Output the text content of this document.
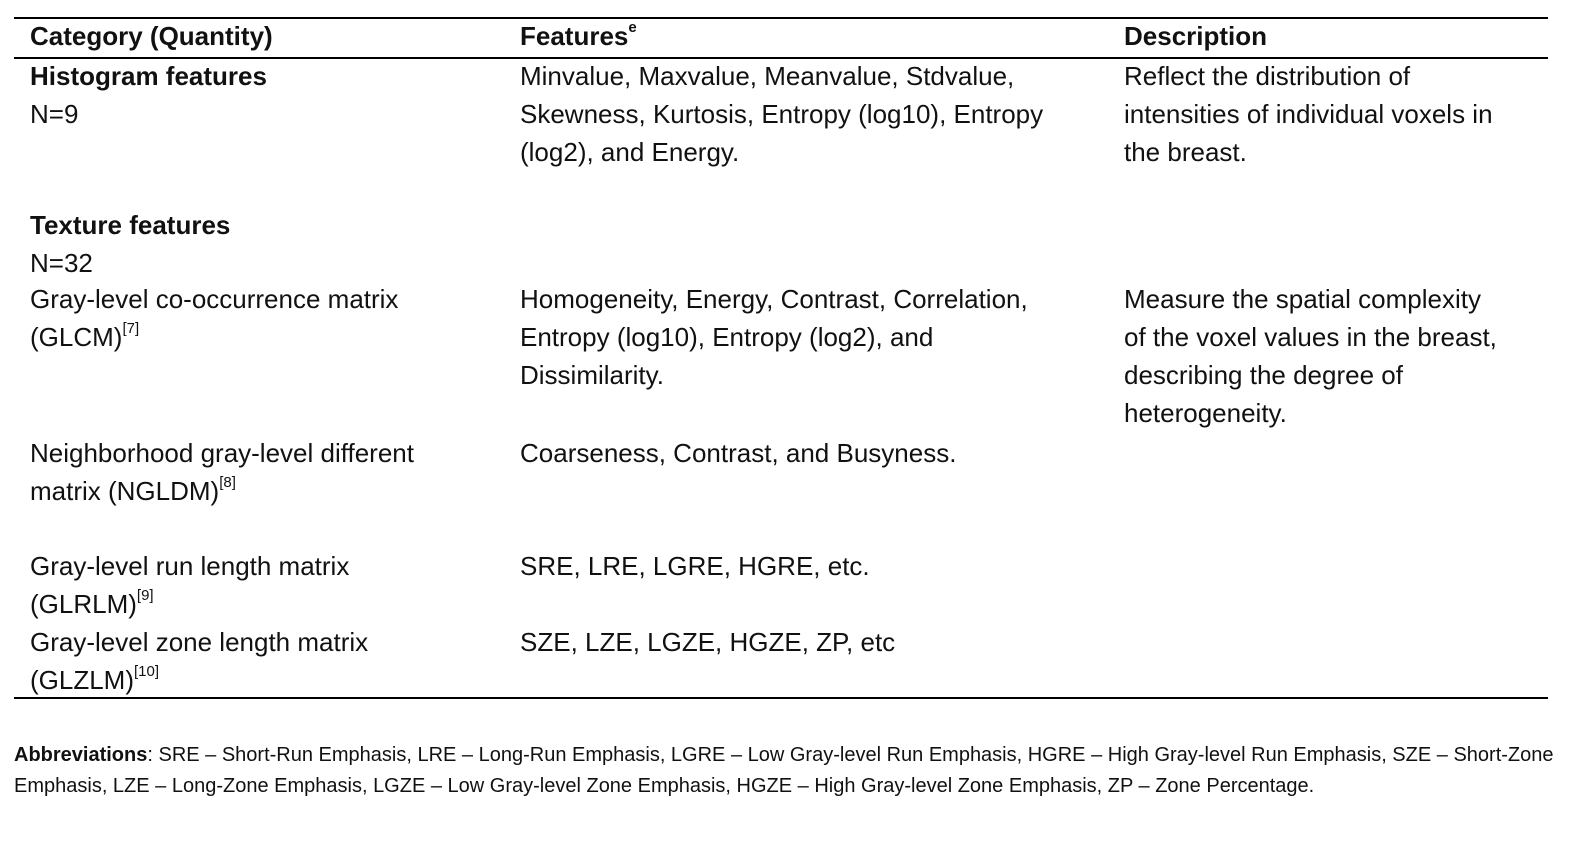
Category (Quantity)	Features$^e$	Description

Histogram features

N=9

Minvalue, Maxvalue, Meanvalue, Stdvalue,

Skewness, Kurtosis, Entropy (log10), Entropy

(log2), and Energy.

Reflect the distribution of

intensities of individual voxels in

the breast.

Texture features

N=32

Gray-level co-occurrence matrix

(GLCM)[7]

Homogeneity, Energy, Contrast, Correlation,

Entropy (log10), Entropy (log2), and

Dissimilarity.

Measure the spatial complexity

of the voxel values in the breast,

describing the degree of

heterogeneity.

Neighborhood gray-level different

matrix (NGLDM)[8]

Coarseness, Contrast, and Busyness.

Gray-level run length matrix

(GLRLM)[9]

SRE, LRE, LGRE, HGRE, etc.

Gray-level zone length matrix

(GLZLM)[10]

SZE, LZE, LGZE, HGZE, ZP, etc

Abbreviations: SRE – Short-Run Emphasis, LRE – Long-Run Emphasis, LGRE – Low Gray-level Run Emphasis, HGRE – High Gray-level Run Emphasis, SZE – Short-Zone Emphasis, LZE – Long-Zone Emphasis, LGZE – Low Gray-level Zone Emphasis, HGZE – High Gray-level Zone Emphasis, ZP – Zone Percentage.
